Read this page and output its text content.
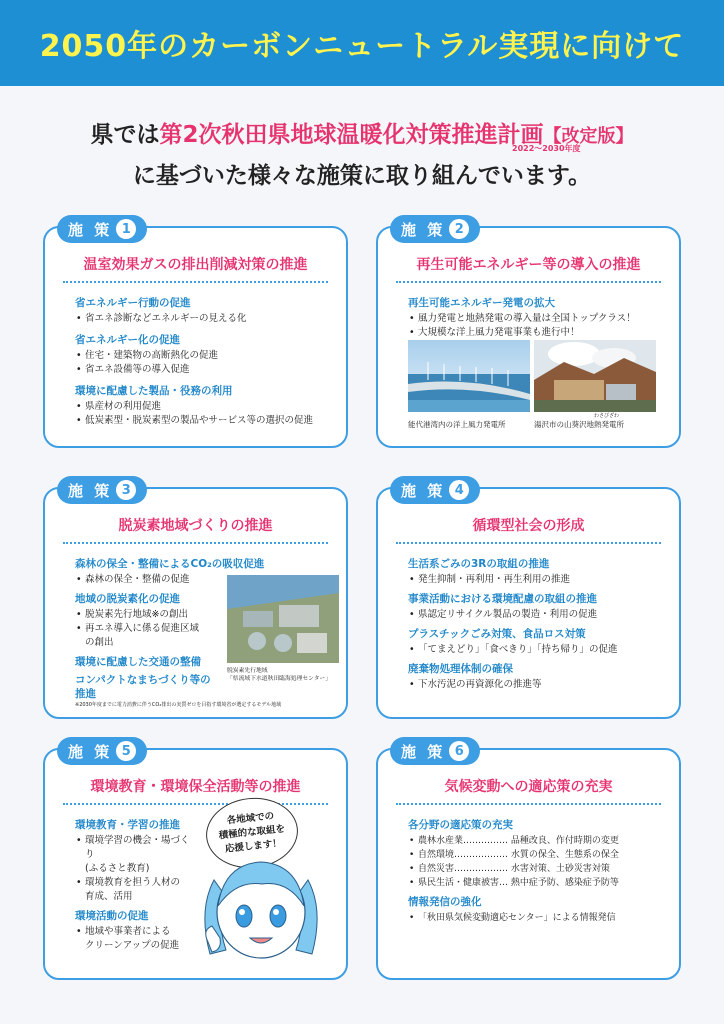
2050年のカーボンニュートラル実現に向けて
県では第2次秋田県地球温暖化対策推進計画【改定版】
2022〜2030年度
に基づいた様々な施策に取り組んでいます。
施 策 1
温室効果ガスの排出削減対策の推進
省エネルギー行動の促進
• 省エネ診断などエネルギーの見える化
省エネルギー化の促進
• 住宅・建築物の高断熱化の促進
• 省エネ設備等の導入促進
環境に配慮した製品・役務の利用
• 県産材の利用促進
• 低炭素型・脱炭素型の製品やサービス等の選択の促進
施 策 2
再生可能エネルギー等の導入の推進
再生可能エネルギー発電の拡大
• 風力発電と地熱発電の導入量は全国トップクラス！
• 大規模な洋上風力発電事業も進行中！
能代港湾内の洋上風力発電所
わさびざわ
湯沢市の山葵沢地熱発電所
施 策 3
脱炭素地域づくりの推進
森林の保全・整備によるCO₂の吸収促進
• 森林の保全・整備の促進
地域の脱炭素化の促進
• 脱炭素先行地域※の創出
• 再エネ導入に係る促進区域
の創出
環境に配慮した交通の整備
コンパクトなまちづくり等の
推進
脱炭素先行地域
「県流域下水道秋田臨海処理センター」
※2030年度までに電力消費に伴うCO₂排出の実質ゼロを目指す環境省が選定するモデル地域
施 策 4
循環型社会の形成
生活系ごみの3Rの取組の推進
• 発生抑制・再利用・再生利用の推進
事業活動における環境配慮の取組の推進
• 県認定リサイクル製品の製造・利用の促進
プラスチックごみ対策、食品ロス対策
• 「てまえどり」「食べきり」「持ち帰り」の促進
廃棄物処理体制の確保
• 下水汚泥の再資源化の推進等
施 策 5
環境教育・環境保全活動等の推進
環境教育・学習の推進
• 環境学習の機会・場づくり
(ふるさと教育)
• 環境教育を担う人材の
育成、活用
環境活動の促進
• 地域や事業者による
クリーンアップの促進
各地域での
積極的な取組を
応援します！
施 策 6
気候変動への適応策の充実
各分野の適応策の充実
• 農林水産業…………… 品種改良、作付時期の変更
• 自然環境……………… 水質の保全、生態系の保全
• 自然災害……………… 水害対策、土砂災害対策
• 県民生活・健康被害… 熱中症予防、感染症予防等
情報発信の強化
• 「秋田県気候変動適応センター」による情報発信
